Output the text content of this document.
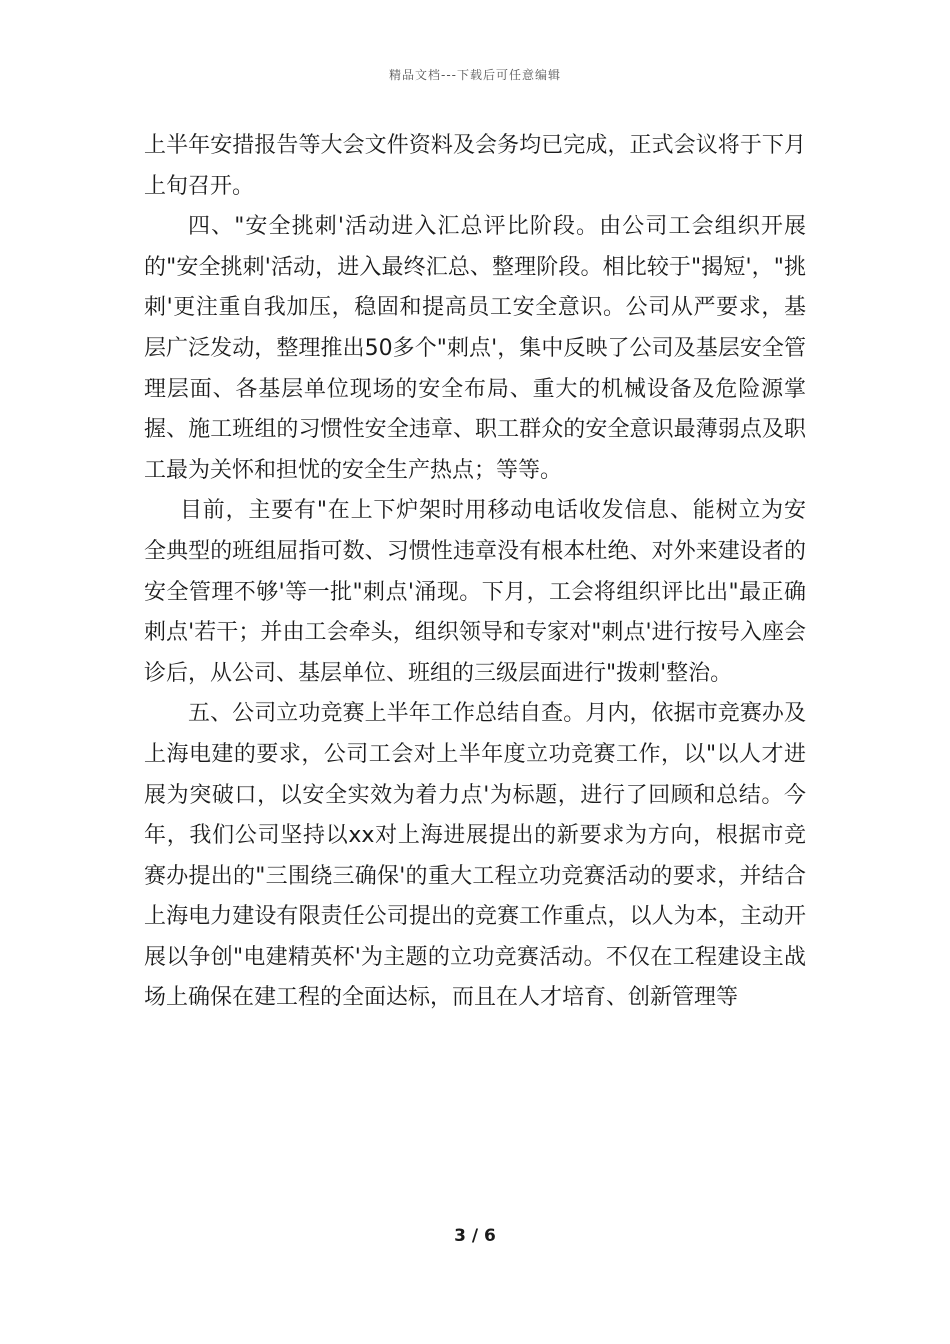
精品文档---下载后可任意编辑

上半年安措报告等大会文件资料及会务均已完成，正式会议将于下月上旬召开。

四、"安全挑刺'活动进入汇总评比阶段。由公司工会组织开展的"安全挑刺'活动，进入最终汇总、整理阶段。相比较于"揭短'，"挑刺'更注重自我加压，稳固和提高员工安全意识。公司从严要求，基层广泛发动，整理推出50多个"刺点'，集中反映了公司及基层安全管理层面、各基层单位现场的安全布局、重大的机械设备及危险源掌握、施工班组的习惯性安全违章、职工群众的安全意识最薄弱点及职工最为关怀和担忧的安全生产热点；等等。

目前，主要有"在上下炉架时用移动电话收发信息、能树立为安全典型的班组屈指可数、习惯性违章没有根本杜绝、对外来建设者的安全管理不够'等一批"刺点'涌现。下月，工会将组织评比出"最正确刺点'若干；并由工会牵头，组织领导和专家对"刺点'进行按号入座会诊后，从公司、基层单位、班组的三级层面进行"拨刺'整治。

五、公司立功竞赛上半年工作总结自查。月内，依据市竞赛办及上海电建的要求，公司工会对上半年度立功竞赛工作，以"以人才进展为突破口，以安全实效为着力点'为标题，进行了回顾和总结。今年，我们公司坚持以xx对上海进展提出的新要求为方向，根据市竞赛办提出的"三围绕三确保'的重大工程立功竞赛活动的要求，并结合上海电力建设有限责任公司提出的竞赛工作重点，以人为本，主动开展以争创"电建精英杯'为主题的立功竞赛活动。不仅在工程建设主战场上确保在建工程的全面达标，而且在人才培育、创新管理等

3 / 6
